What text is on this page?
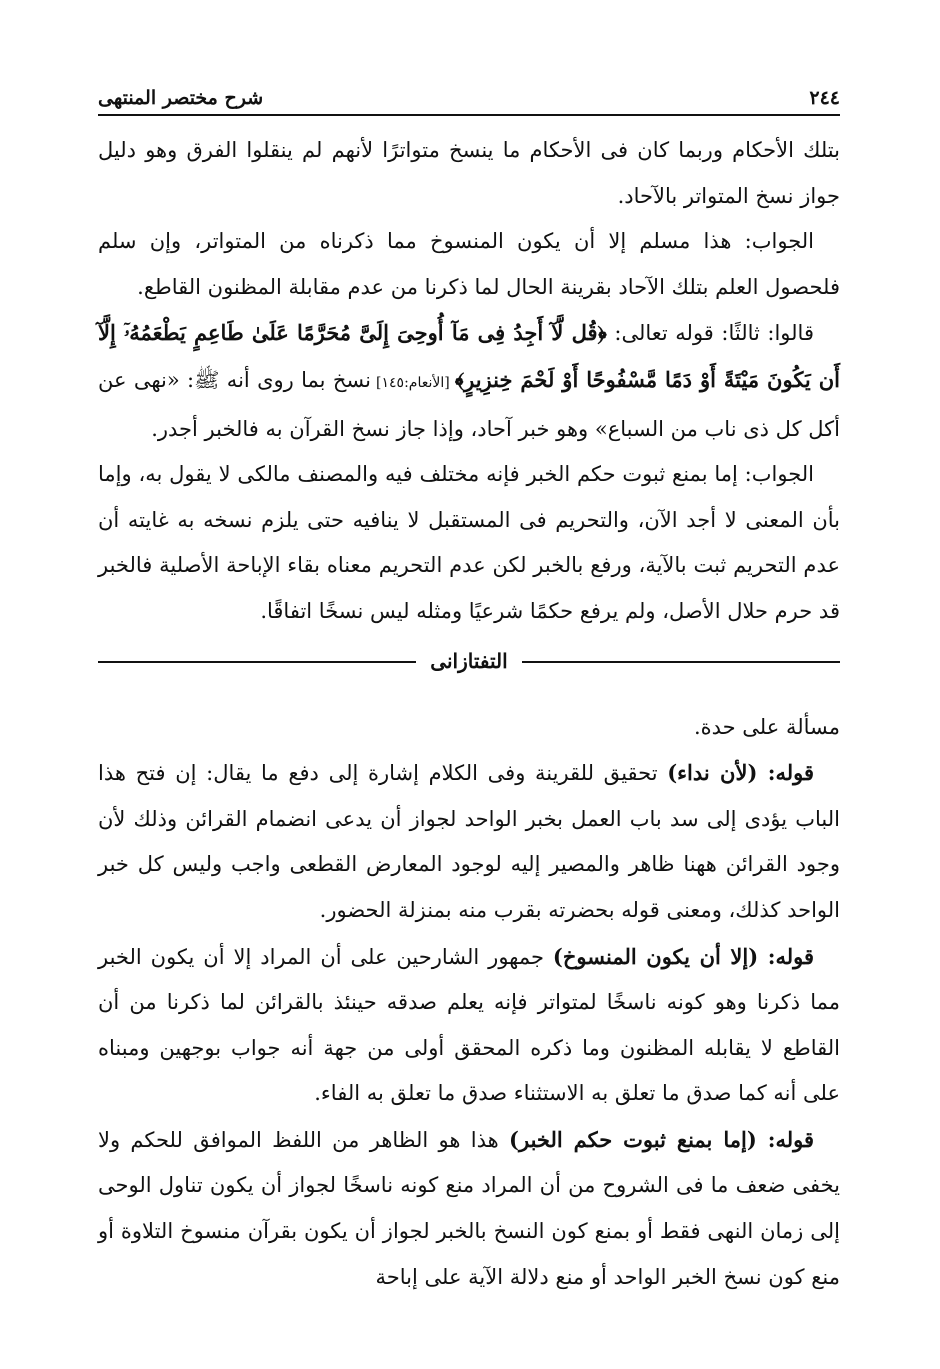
٢٤٤
شرح مختصر المنتهى

بتلك الأحكام وربما كان فى الأحكام ما ينسخ متواترًا لأنهم لم ينقلوا الفرق وهو دليل جواز نسخ المتواتر بالآحاد.

الجواب: هذا مسلم إلا أن يكون المنسوخ مما ذكرناه من المتواتر، وإن سلم فلحصول العلم بتلك الآحاد بقرينة الحال لما ذكرنا من عدم مقابلة المظنون القاطع.

قالوا: ثالثًا: قوله تعالى: ﴿قُل لَّآ أَجِدُ فِى مَآ أُوحِىَ إِلَىَّ مُحَرَّمًا عَلَىٰ طَاعِمٍ يَطْعَمُهُۥٓ إِلَّآ أَن يَكُونَ مَيْتَةً أَوْ دَمًا مَّسْفُوحًا أَوْ لَحْمَ خِنزِيرٍ﴾ [الأنعام:١٤٥] نسخ بما روى أنه ﷺ: «نهى عن أكل كل ذى ناب من السباع» وهو خبر آحاد، وإذا جاز نسخ القرآن به فالخبر أجدر.

الجواب: إما بمنع ثبوت حكم الخبر فإنه مختلف فيه والمصنف مالكى لا يقول به، وإما بأن المعنى لا أجد الآن، والتحريم فى المستقبل لا ينافيه حتى يلزم نسخه به غايته أن عدم التحريم ثبت بالآية، ورفع بالخبر لكن عدم التحريم معناه بقاء الإباحة الأصلية فالخبر قد حرم حلال الأصل، ولم يرفع حكمًا شرعيًا ومثله ليس نسخًا اتفاقًا.

التفتازانى

مسألة على حدة.

قوله: (لأن نداء) تحقيق للقرينة وفى الكلام إشارة إلى دفع ما يقال: إن فتح هذا الباب يؤدى إلى سد باب العمل بخبر الواحد لجواز أن يدعى انضمام القرائن وذلك لأن وجود القرائن ههنا ظاهر والمصير إليه لوجود المعارض القطعى واجب وليس كل خبر الواحد كذلك، ومعنى قوله بحضرته بقرب منه بمنزلة الحضور.

قوله: (إلا أن يكون المنسوخ) جمهور الشارحين على أن المراد إلا أن يكون الخبر مما ذكرنا وهو كونه ناسخًا لمتواتر فإنه يعلم صدقه حينئذ بالقرائن لما ذكرنا من أن القاطع لا يقابله المظنون وما ذكره المحقق أولى من جهة أنه جواب بوجهين ومبناه على أنه كما صدق ما تعلق به الاستثناء صدق ما تعلق به الفاء.

قوله: (إما بمنع ثبوت حكم الخبر) هذا هو الظاهر من اللفظ الموافق للحكم ولا يخفى ضعف ما فى الشروح من أن المراد منع كونه ناسخًا لجواز أن يكون تناول الوحى إلى زمان النهى فقط أو بمنع كون النسخ بالخبر لجواز أن يكون بقرآن منسوخ التلاوة أو منع كون نسخ الخبر الواحد أو منع دلالة الآية على إباحة
